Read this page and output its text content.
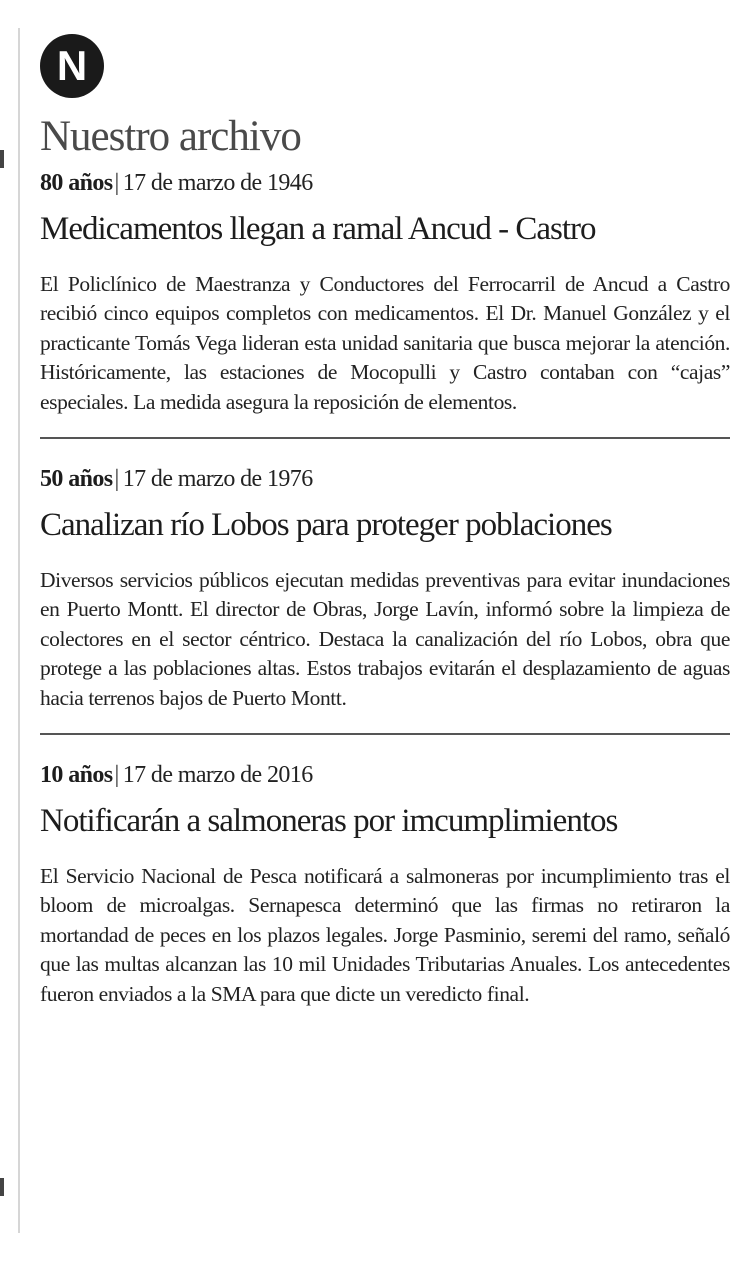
N
Nuestro archivo
80 años| 17 de marzo de 1946
Medicamentos llegan a ramal Ancud - Castro

El Policlínico de Maestranza y Conductores del Ferrocarril de Ancud a Castro recibió cinco equipos completos con medicamentos. El Dr. Manuel González y el practicante Tomás Vega lideran esta unidad sanitaria que busca mejorar la atención. Históricamente, las estaciones de Mocopulli y Castro contaban con “cajas” especiales. La medida asegura la reposición de elementos.

50 años| 17 de marzo de 1976
Canalizan río Lobos para proteger poblaciones

Diversos servicios públicos ejecutan medidas preventivas para evitar inundaciones en Puerto Montt. El director de Obras, Jorge Lavín, informó sobre la limpieza de colectores en el sector céntrico. Destaca la canalización del río Lobos, obra que protege a las poblaciones altas. Estos trabajos evitarán el desplazamiento de aguas hacia terrenos bajos de Puerto Montt.

10 años| 17 de marzo de 2016
Notificarán a salmoneras por imcumplimientos

El Servicio Nacional de Pesca notificará a salmoneras por incumplimiento tras el bloom de microalgas. Sernapesca determinó que las firmas no retiraron la mortandad de peces en los plazos legales. Jorge Pasminio, seremi del ramo, señaló que las multas alcanzan las 10 mil Unidades Tributarias Anuales. Los antecedentes fueron enviados a la SMA para que dicte un veredicto final.
